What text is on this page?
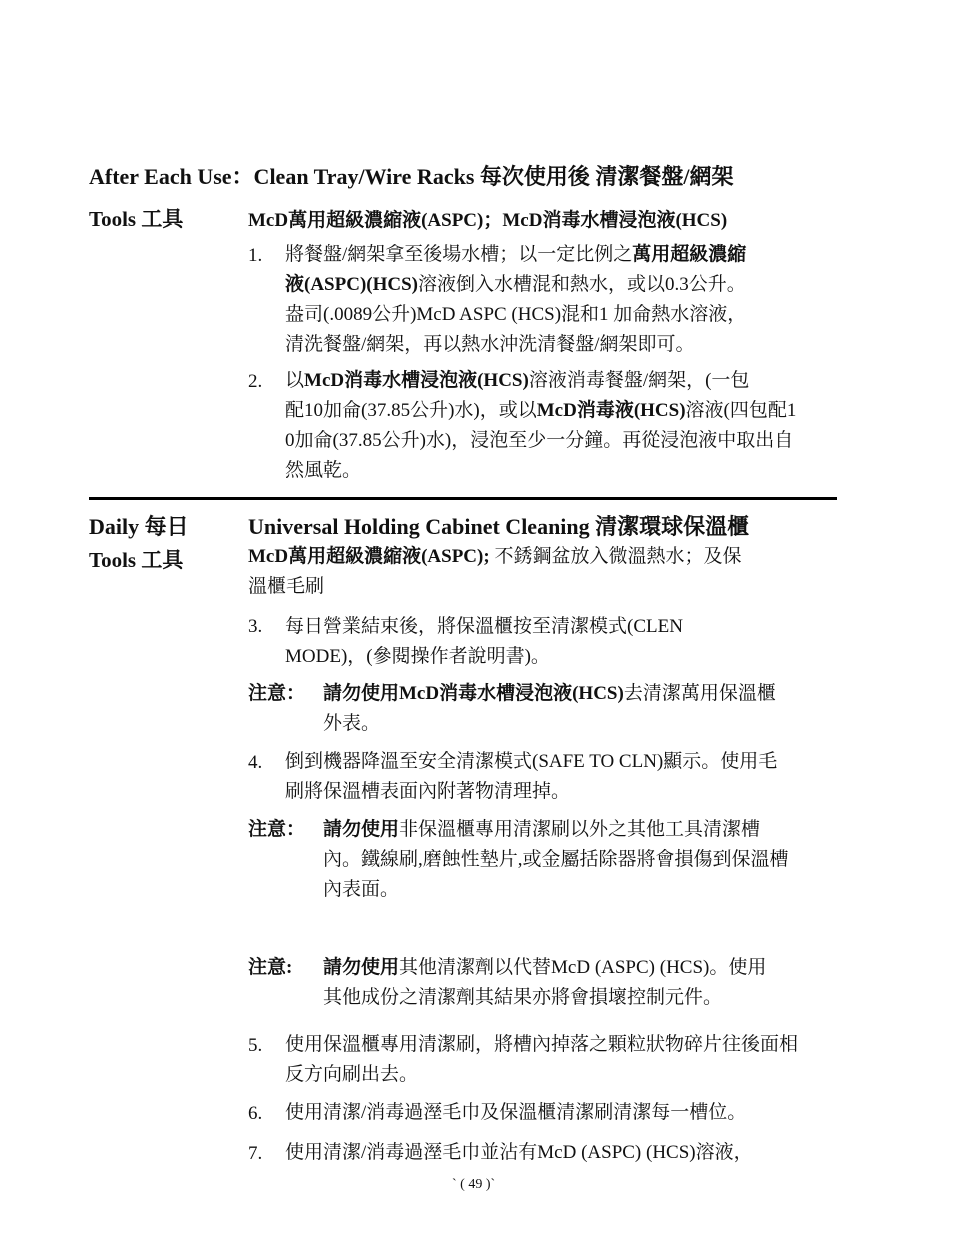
After Each Use：Clean Tray/Wire Racks 每次使用後 清潔餐盤/網架
Tools 工具	McD萬用超級濃縮液(ASPC)；McD消毒水槽浸泡液(HCS)
1. 將餐盤/網架拿至後場水槽；以一定比例之萬用超級濃縮
液(ASPC)(HCS)溶液倒入水槽混和熱水，或以0.3公升。
盎司(.0089公升)McD ASPC (HCS)混和1 加侖熱水溶液，
清洗餐盤/網架，再以熱水沖洗清餐盤/網架即可。
2. 以McD消毒水槽浸泡液(HCS)溶液消毒餐盤/網架，(一包
配10加侖(37.85公升)水)，或以McD消毒液(HCS)溶液(四包配1
0加侖(37.85公升)水)，浸泡至少一分鐘。再從浸泡液中取出自
然風乾。
Daily 每日	Universal Holding Cabinet Cleaning 清潔環球保溫櫃
Tools 工具	McD萬用超級濃縮液(ASPC); 不銹鋼盆放入微溫熱水；及保
溫櫃毛刷
3. 每日營業結束後，將保溫櫃按至清潔模式(CLEN
MODE)，(參閱操作者說明書)。
注意： 請勿使用McD消毒水槽浸泡液(HCS)去清潔萬用保溫櫃
外表。
4. 倒到機器降溫至安全清潔模式(SAFE TO CLN)顯示。使用毛
刷將保溫槽表面內附著物清理掉。
注意： 請勿使用非保溫櫃專用清潔刷以外之其他工具清潔槽
內。鐵線刷,磨蝕性墊片,或金屬括除器將會損傷到保溫槽
內表面。
注意: 請勿使用其他清潔劑以代替McD (ASPC) (HCS)。使用
其他成份之清潔劑其結果亦將會損壞控制元件。
5. 使用保溫櫃專用清潔刷，將槽內掉落之顆粒狀物碎片往後面相
反方向刷出去。
6. 使用清潔/消毒過溼毛巾及保溫櫃清潔刷清潔每一槽位。
7. 使用清潔/消毒過溼毛巾並沾有McD (ASPC) (HCS)溶液，
` ( 49 )`
